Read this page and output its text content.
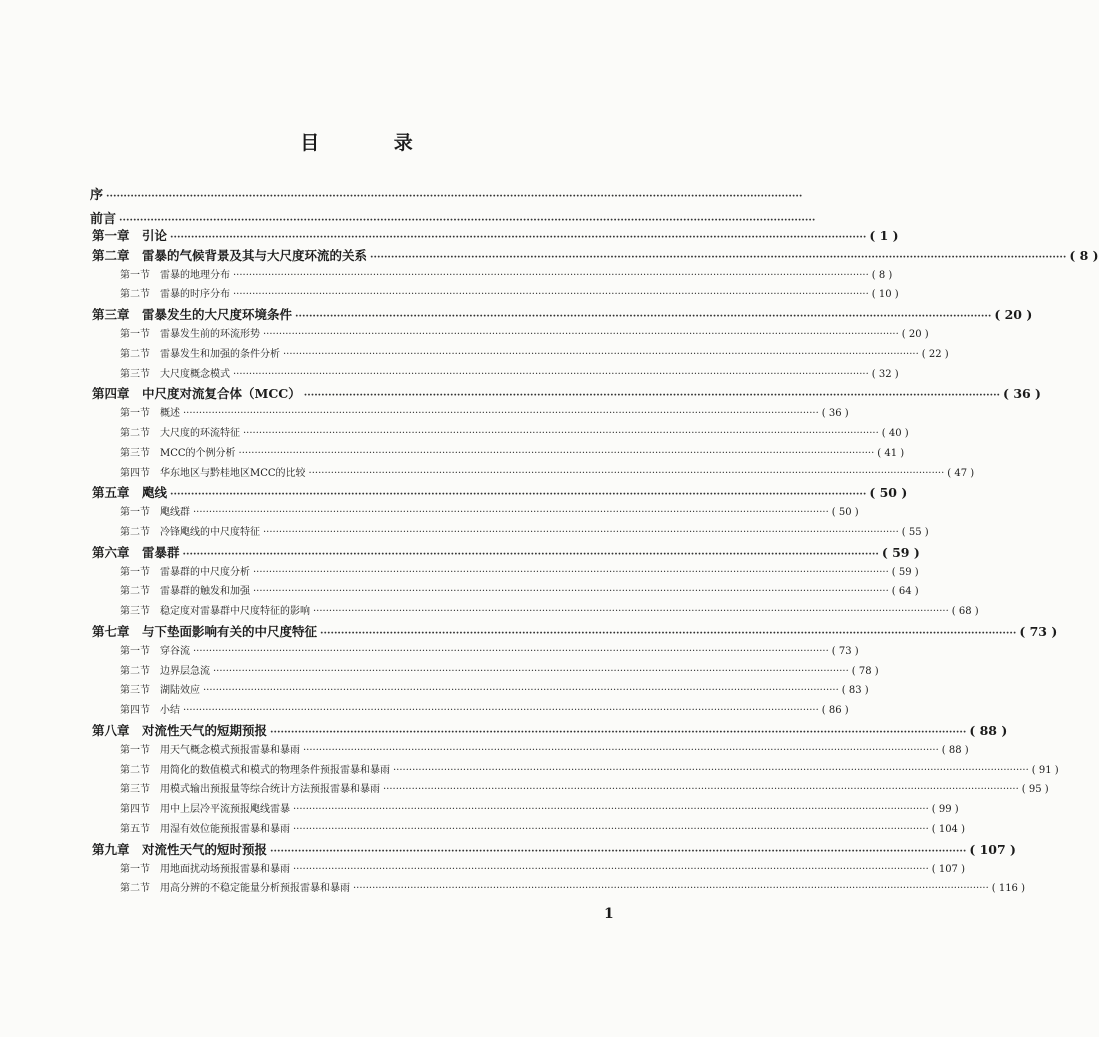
目 录
序 ········································································································································································································
前言 ········································································································································································································
第一章　引论 ········································································································································································································ ( 1 )
第二章　雷暴的气候背景及其与大尺度环流的关系 ········································································································································································································ ( 8 )
第一节　雷暴的地理分布 ········································································································································································································ ( 8 )
第二节　雷暴的时序分布 ········································································································································································································ ( 10 )
第三章　雷暴发生的大尺度环境条件 ········································································································································································································ ( 20 )
第一节　雷暴发生前的环流形势 ········································································································································································································ ( 20 )
第二节　雷暴发生和加强的条件分析 ········································································································································································································ ( 22 )
第三节　大尺度概念模式 ········································································································································································································ ( 32 )
第四章　中尺度对流复合体（MCC） ········································································································································································································ ( 36 )
第一节　概述 ········································································································································································································ ( 36 )
第二节　大尺度的环流特征 ········································································································································································································ ( 40 )
第三节　MCC的个例分析 ········································································································································································································ ( 41 )
第四节　华东地区与黔桂地区MCC的比较 ········································································································································································································ ( 47 )
第五章　飑线 ········································································································································································································ ( 50 )
第一节　飑线群 ········································································································································································································ ( 50 )
第二节　冷锋飑线的中尺度特征 ········································································································································································································ ( 55 )
第六章　雷暴群 ········································································································································································································ ( 59 )
第一节　雷暴群的中尺度分析 ········································································································································································································ ( 59 )
第二节　雷暴群的触发和加强 ········································································································································································································ ( 64 )
第三节　稳定度对雷暴群中尺度特征的影响 ········································································································································································································ ( 68 )
第七章　与下垫面影响有关的中尺度特征 ········································································································································································································ ( 73 )
第一节　穿谷流 ········································································································································································································ ( 73 )
第二节　边界层急流 ········································································································································································································ ( 78 )
第三节　湖陆效应 ········································································································································································································ ( 83 )
第四节　小结 ········································································································································································································ ( 86 )
第八章　对流性天气的短期预报 ········································································································································································································ ( 88 )
第一节　用天气概念模式预报雷暴和暴雨 ········································································································································································································ ( 88 )
第二节　用简化的数值模式和模式的物理条件预报雷暴和暴雨 ········································································································································································································ ( 91 )
第三节　用模式输出预报量等综合统计方法预报雷暴和暴雨 ········································································································································································································ ( 95 )
第四节　用中上层冷平流预报飑线雷暴 ········································································································································································································ ( 99 )
第五节　用湿有效位能预报雷暴和暴雨 ········································································································································································································ ( 104 )
第九章　对流性天气的短时预报 ········································································································································································································ ( 107 )
第一节　用地面扰动场预报雷暴和暴雨 ········································································································································································································ ( 107 )
第二节　用高分辨的不稳定能量分析预报雷暴和暴雨 ········································································································································································································ ( 116 )
1
